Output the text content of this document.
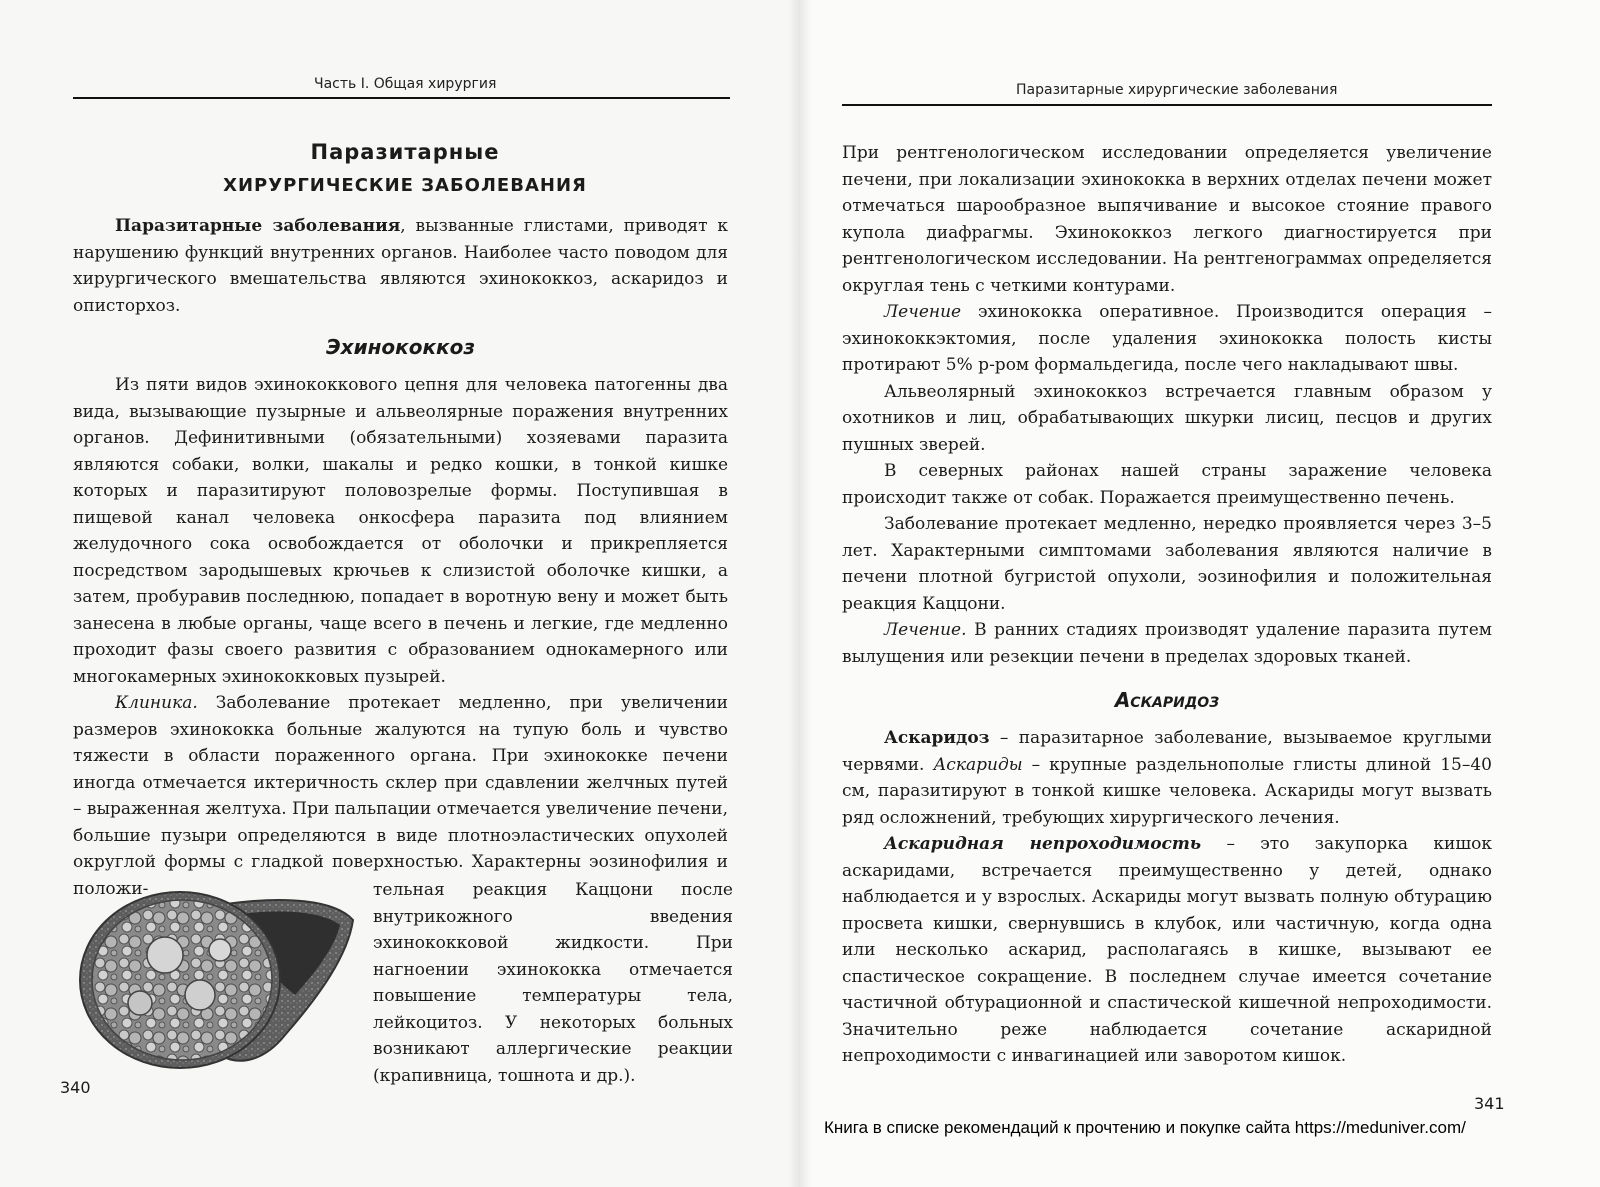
Часть I. Общая хирургия
Паразитарные
ХИРУРГИЧЕСКИЕ ЗАБОЛЕВАНИЯ

Паразитарные заболевания, вызванные глистами, приводят к нарушению функций внутренних органов. Наиболее часто поводом для хирургического вмешательства являются эхинококкоз, аскаридоз и описторхоз.

Эхинококкоз

Из пяти видов эхинококкового цепня для человека патогенны два вида, вызывающие пузырные и альвеолярные поражения внутренних органов. Дефинитивными (обязательными) хозяевами паразита являются собаки, волки, шакалы и редко кошки, в тонкой кишке которых и паразитируют половозрелые формы. Поступившая в пищевой канал человека онкосфера паразита под влиянием желудочного сока освобождается от оболочки и прикрепляется посредством зародышевых крючьев к слизистой оболочке кишки, а затем, пробуравив последнюю, попадает в воротную вену и может быть занесена в любые органы, чаще всего в печень и легкие, где медленно проходит фазы своего развития с образованием однокамерного или многокамерных эхинококковых пузырей.

Клиника. Заболевание протекает медленно, при увеличении размеров эхинококка больные жалуются на тупую боль и чувство тяжести в области пораженного органа. При эхинококке печени иногда отмечается иктеричность склер при сдавлении желчных путей – выраженная желтуха. При пальпации отмечается увеличение печени, большие пузыри определяются в виде плотноэластических опухолей округлой формы с гладкой поверхностью. Характерны эозинофилия и положи-	тельная реакция Каццони после внутрикожного введения эхинококковой жидкости. При нагноении эхинококка отмечается повышение температуры тела, лейкоцитоз. У некоторых больных возникают аллергические реакции (крапивница, тошнота и др.).
340
Паразитарные хирургические заболевания

При рентгенологическом исследовании определяется увеличение печени, при локализации эхинококка в верхних отделах печени может отмечаться шарообразное выпячивание и высокое стояние правого купола диафрагмы. Эхинококкоз легкого диагностируется при рентгенологическом исследовании. На рентгенограммах определяется округлая тень с четкими контурами.

Лечение эхинококка оперативное. Производится операция – эхинококкэктомия, после удаления эхинококка полость кисты протирают 5% р-ром формальдегида, после чего накладывают швы.

Альвеолярный эхинококкоз встречается главным образом у охотников и лиц, обрабатывающих шкурки лисиц, песцов и других пушных зверей.

В северных районах нашей страны заражение человека происходит также от собак. Поражается преимущественно печень.

Заболевание протекает медленно, нередко проявляется через 3–5 лет. Характерными симптомами заболевания являются наличие в печени плотной бугристой опухоли, эозинофилия и положительная реакция Каццони.

Лечение. В ранних стадиях производят удаление паразита путем вылущения или резекции печени в пределах здоровых тканей.

Аскаридоз

Аскаридоз – паразитарное заболевание, вызываемое круглыми червями. Аскариды – крупные раздельнополые глисты длиной 15–40 см, паразитируют в тонкой кишке человека. Аскариды могут вызвать ряд осложнений, требующих хирургического лечения.

Аскаридная непроходимость – это закупорка кишок аскаридами, встречается преимущественно у детей, однако наблюдается и у взрослых. Аскариды могут вызвать полную обтурацию просвета кишки, свернувшись в клубок, или частичную, когда одна или несколько аскарид, располагаясь в кишке, вызывают ее спастическое сокращение. В последнем случае имеется сочетание частичной обтурационной и спастической кишечной непроходимости. Значительно реже наблюдается сочетание аскаридной непроходимости с инвагинацией или заворотом кишок.

341
Книга в списке рекомендаций к прочтению и покупке сайта https://meduniver.com/
